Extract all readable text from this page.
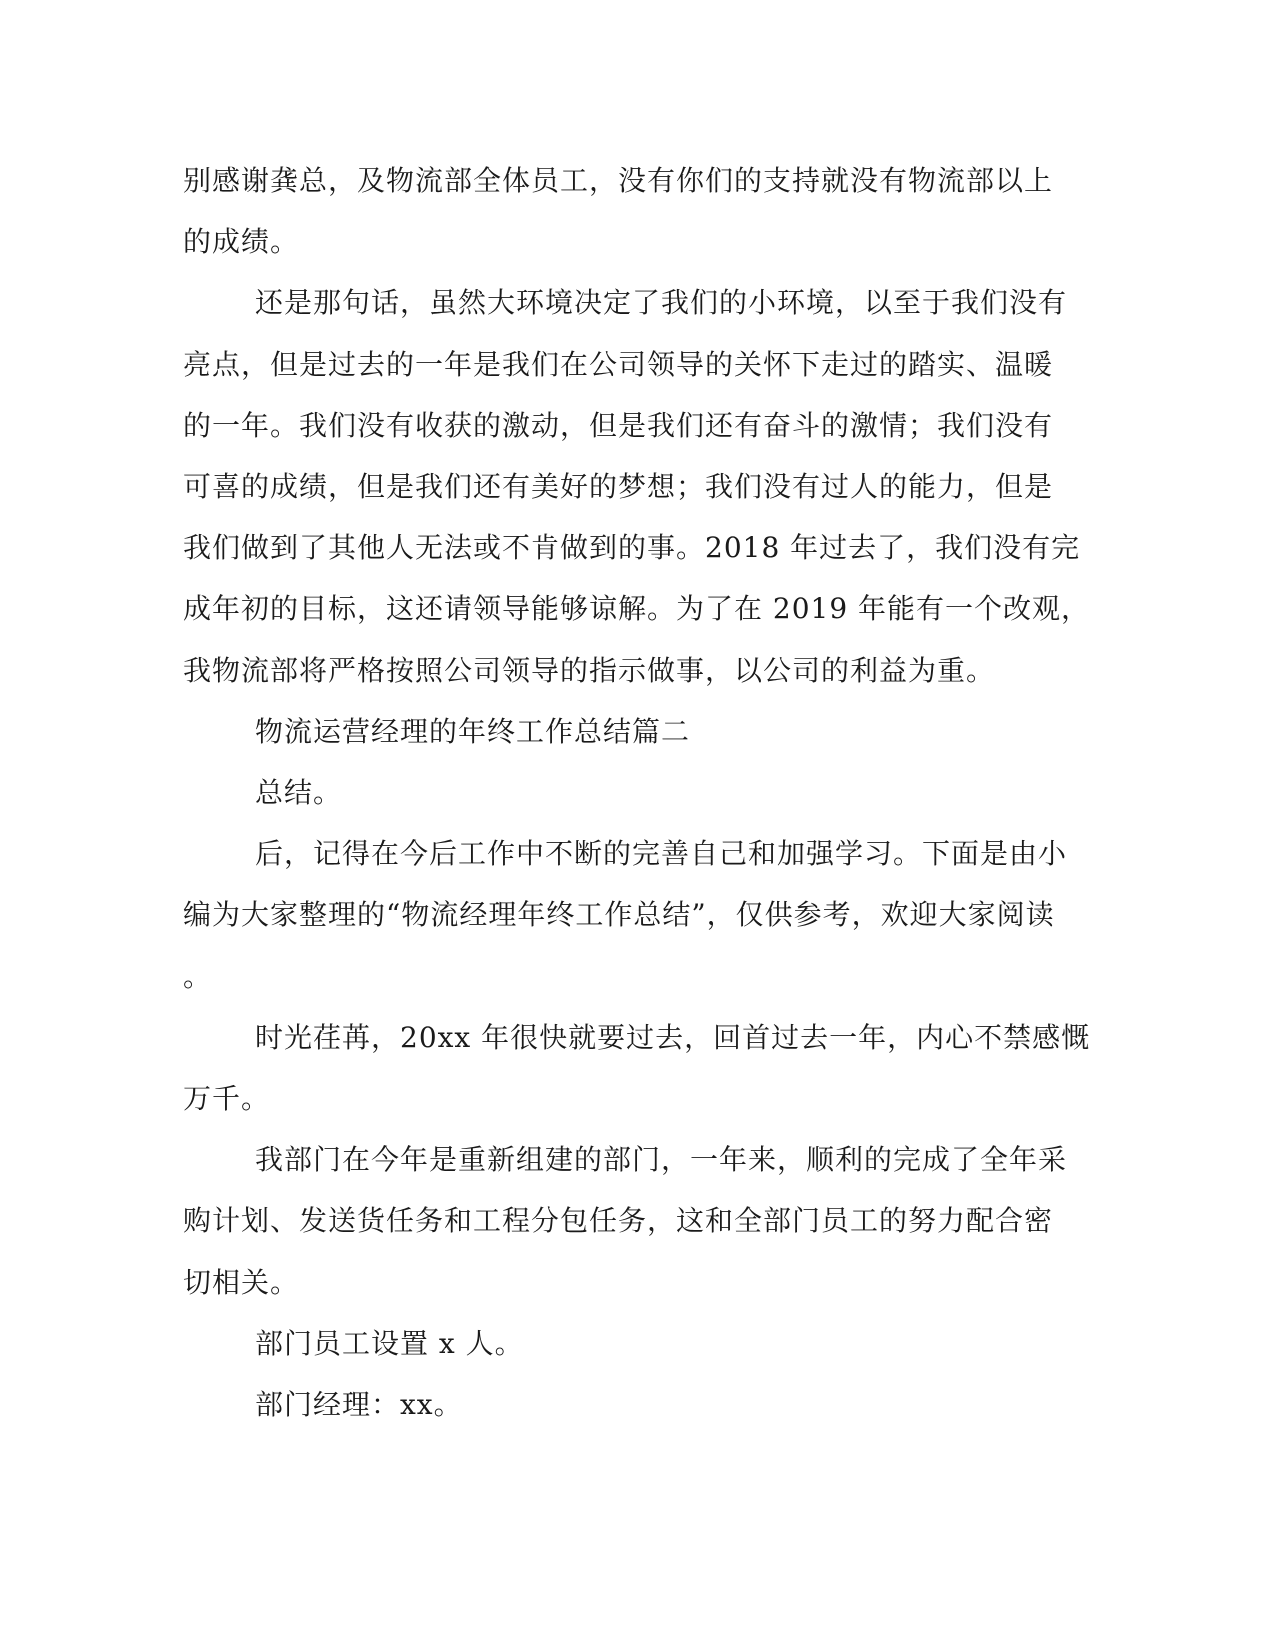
别感谢龚总，及物流部全体员工，没有你们的支持就没有物流部以上
的成绩。

还是那句话，虽然大环境决定了我们的小环境，以至于我们没有
亮点，但是过去的一年是我们在公司领导的关怀下走过的踏实、温暖
的一年。我们没有收获的激动，但是我们还有奋斗的激情；我们没有
可喜的成绩，但是我们还有美好的梦想；我们没有过人的能力，但是
我们做到了其他人无法或不肯做到的事。2018 年过去了，我们没有完
成年初的目标，这还请领导能够谅解。为了在 2019 年能有一个改观，
我物流部将严格按照公司领导的指示做事，以公司的利益为重。

物流运营经理的年终工作总结篇二

总结。

后，记得在今后工作中不断的完善自己和加强学习。下面是由小
编为大家整理的“物流经理年终工作总结”，仅供参考，欢迎大家阅读
。

时光荏苒，20xx 年很快就要过去，回首过去一年，内心不禁感慨
万千。

我部门在今年是重新组建的部门，一年来，顺利的完成了全年采
购计划、发送货任务和工程分包任务，这和全部门员工的努力配合密
切相关。

部门员工设置 x 人。

部门经理：xx。
